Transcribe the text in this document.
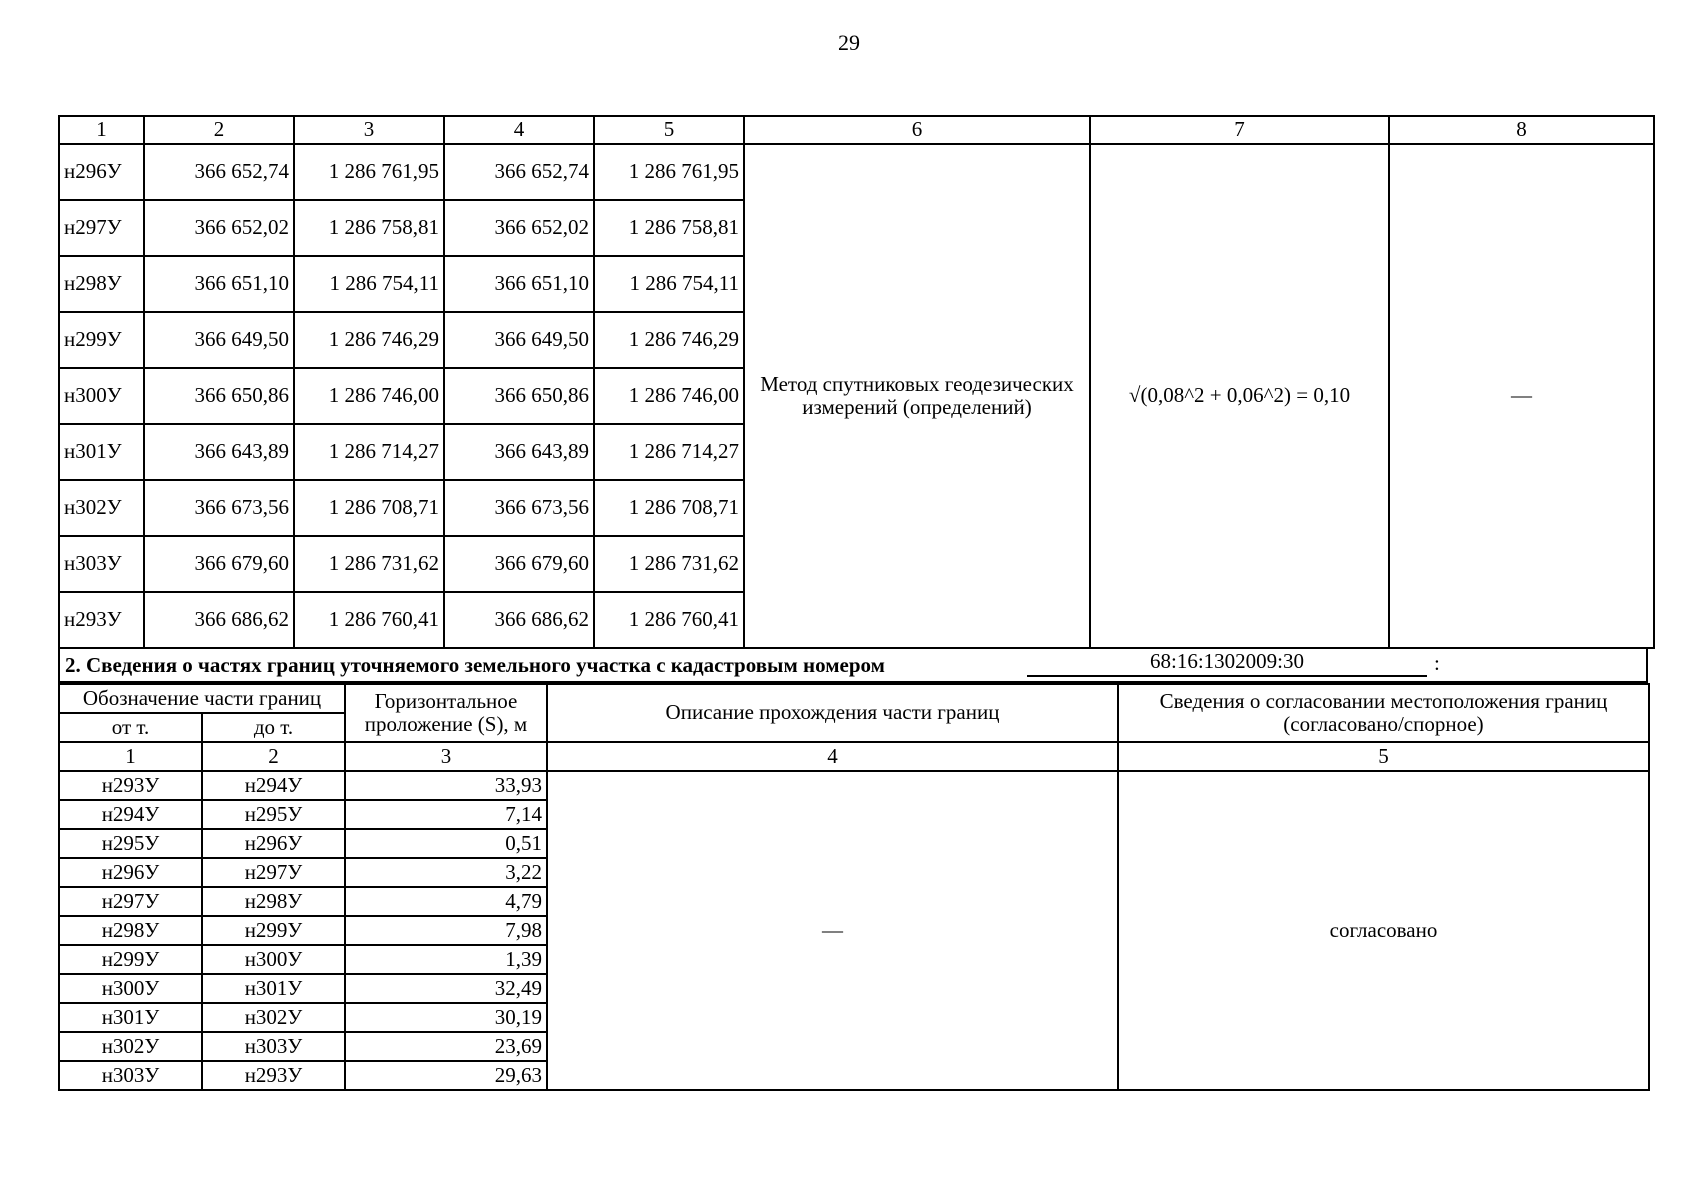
29
1	2	3	4	5	6	7	8
н296У	366 652,74	1 286 761,95	366 652,74	1 286 761,95	Метод спутниковых геодезических измерений (определений)	√(0,08^2 + 0,06^2) = 0,10	—
н297У	366 652,02	1 286 758,81	366 652,02	1 286 758,81			
н298У	366 651,10	1 286 754,11	366 651,10	1 286 754,11			
н299У	366 649,50	1 286 746,29	366 649,50	1 286 746,29			
н300У	366 650,86	1 286 746,00	366 650,86	1 286 746,00			
н301У	366 643,89	1 286 714,27	366 643,89	1 286 714,27			
н302У	366 673,56	1 286 708,71	366 673,56	1 286 708,71			
н303У	366 679,60	1 286 731,62	366 679,60	1 286 731,62			
н293У	366 686,62	1 286 760,41	366 686,62	1 286 760,41			
2. Сведения о частях границ уточняемого земельного участка с кадастровым номером	68:16:1302009:30	:
Обозначение части границ		Горизонтальное проложение (S), м	Описание прохождения части границ	Сведения о согласовании местоположения границ (согласовано/спорное)
от т.	до т.			
1	2	3	4	5
н293У	н294У	33,93	—	согласовано
н294У	н295У	7,14		
н295У	н296У	0,51		
н296У	н297У	3,22		
н297У	н298У	4,79		
н298У	н299У	7,98		
н299У	н300У	1,39		
н300У	н301У	32,49		
н301У	н302У	30,19		
н302У	н303У	23,69		
н303У	н293У	29,63		
